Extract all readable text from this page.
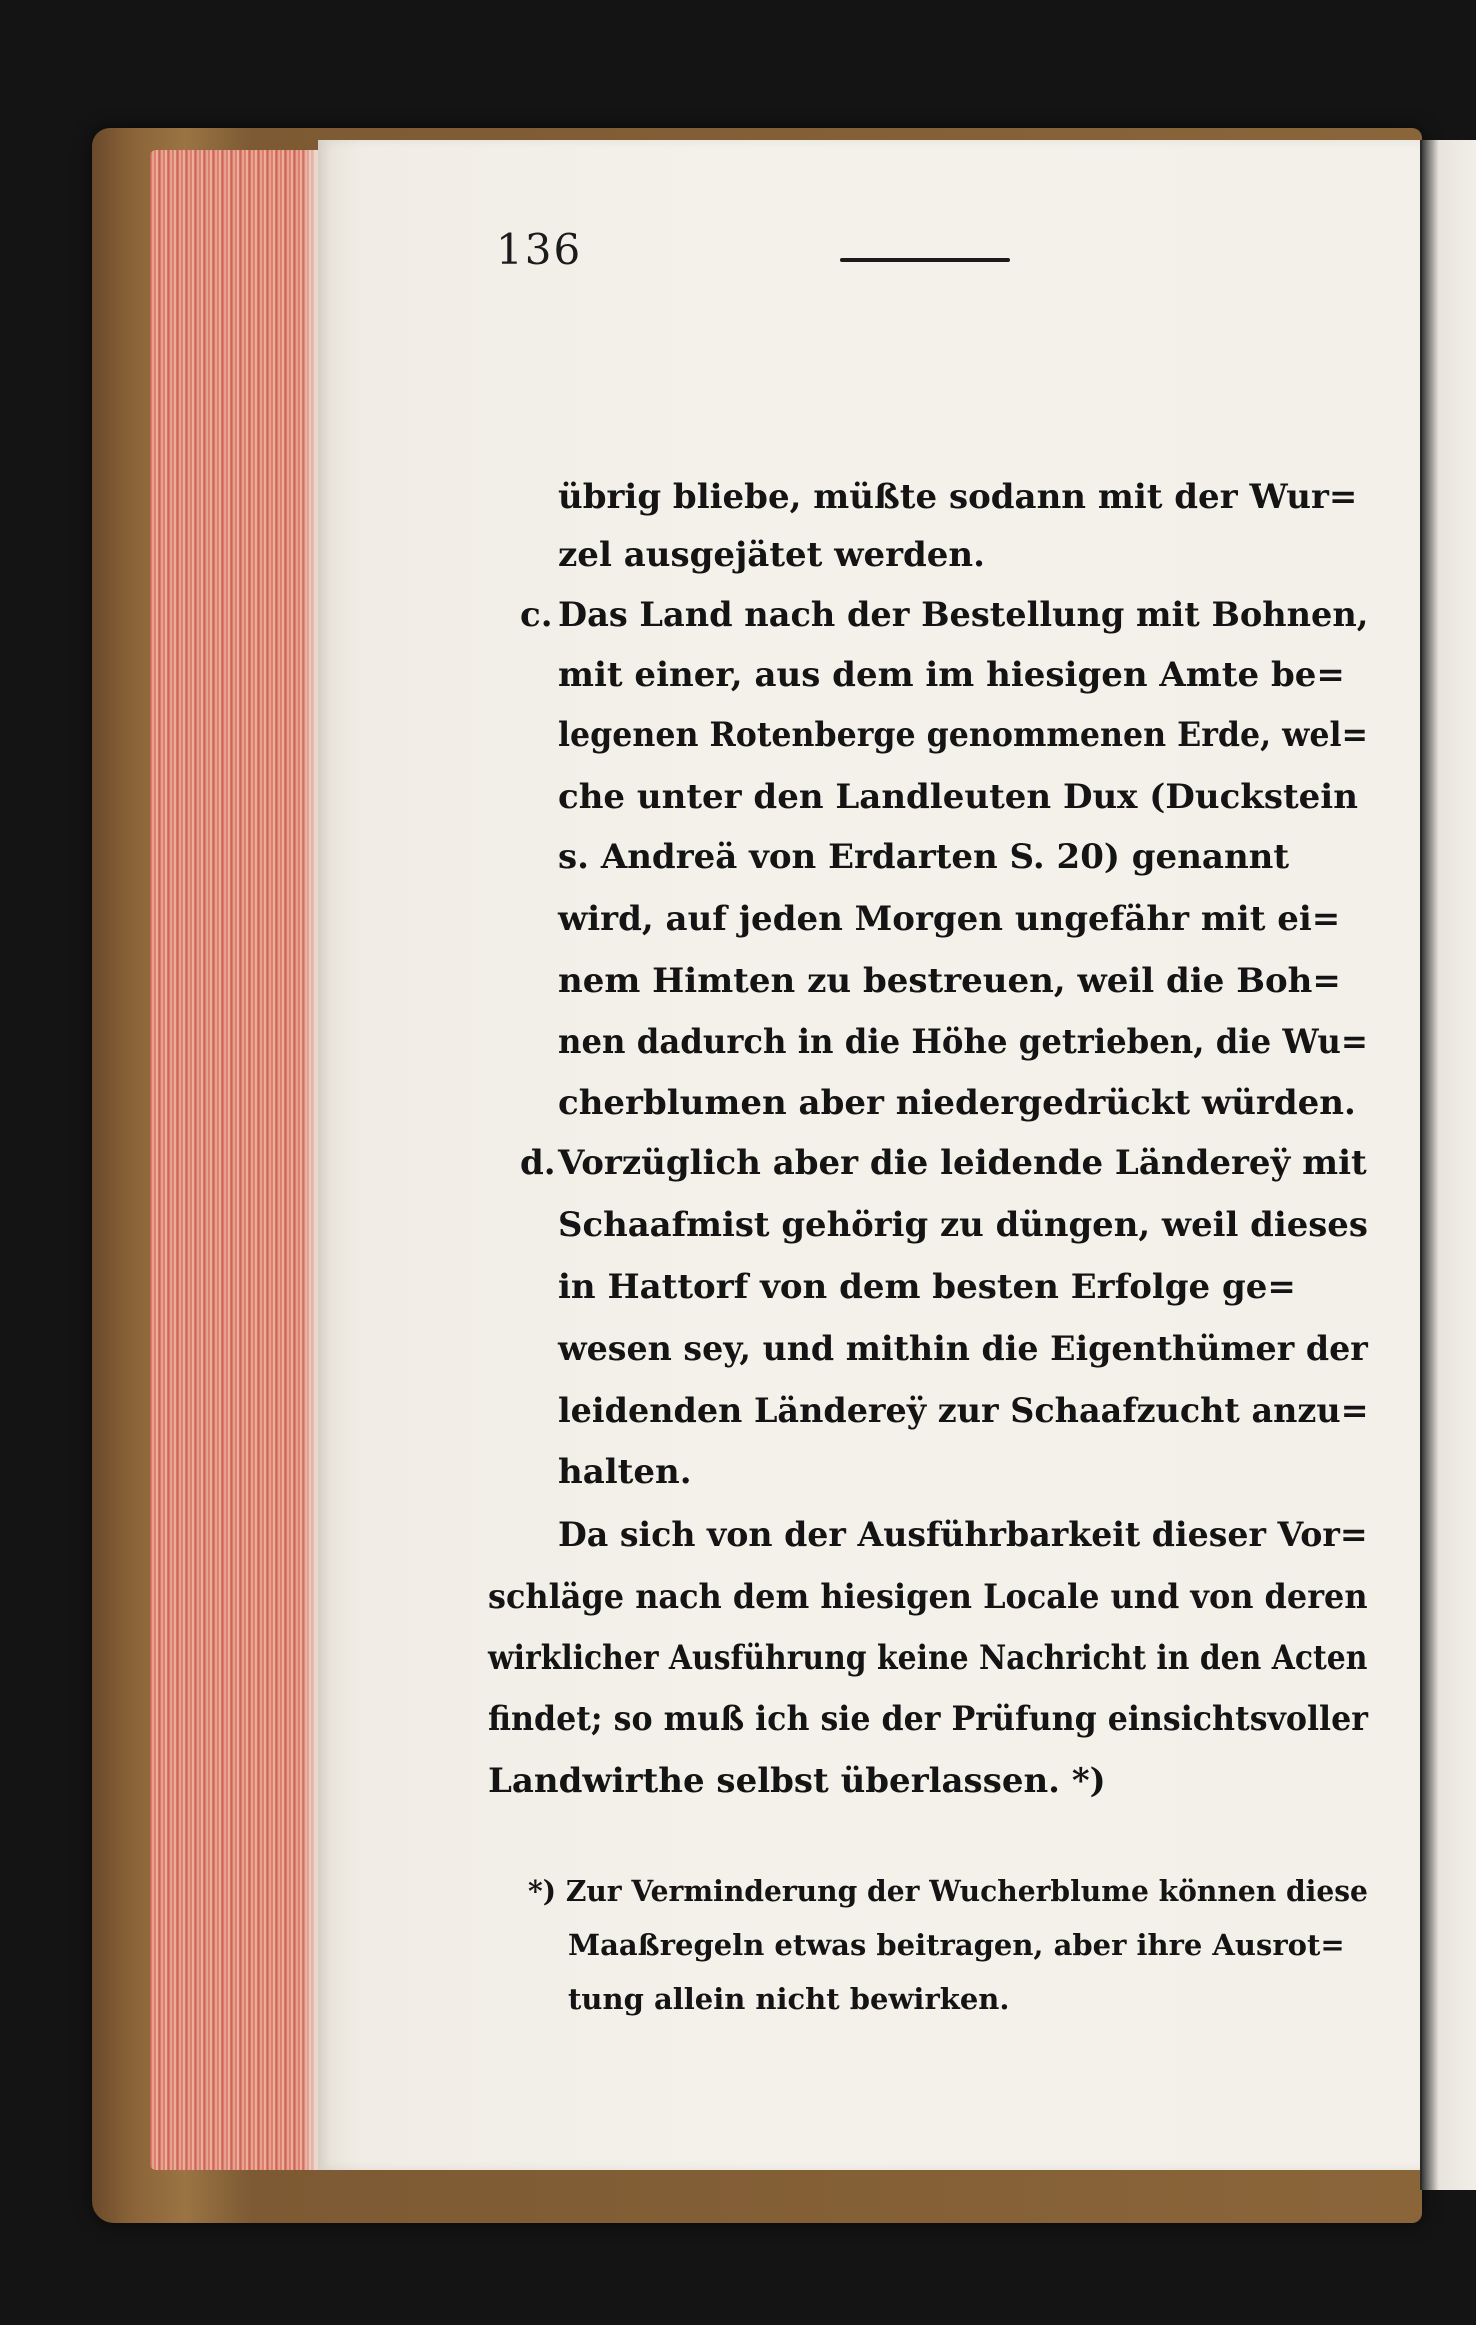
136
übrig bliebe, müßte sodann mit der Wur=
zel ausgejätet werden.
c. Das Land nach der Bestellung mit Bohnen,
mit einer, aus dem im hiesigen Amte be=
legenen Rotenberge genommenen Erde, wel=
che unter den Landleuten Dux (Duckstein
s. Andreä von Erdarten S. 20) genannt
wird, auf jeden Morgen ungefähr mit ei=
nem Himten zu bestreuen, weil die Boh=
nen dadurch in die Höhe getrieben, die Wu=
cherblumen aber niedergedrückt würden.
d. Vorzüglich aber die leidende Ländereÿ mit
Schaafmist gehörig zu düngen, weil dieses
in Hattorf von dem besten Erfolge ge=
wesen sey, und mithin die Eigenthümer der
leidenden Ländereÿ zur Schaafzucht anzu=
halten.
Da sich von der Ausführbarkeit dieser Vor=
schläge nach dem hiesigen Locale und von deren
wirklicher Ausführung keine Nachricht in den Acten
findet; so muß ich sie der Prüfung einsichtsvoller
Landwirthe selbst überlassen. *)
*) Zur Verminderung der Wucherblume können diese
Maaßregeln etwas beitragen, aber ihre Ausrot=
tung allein nicht bewirken.
